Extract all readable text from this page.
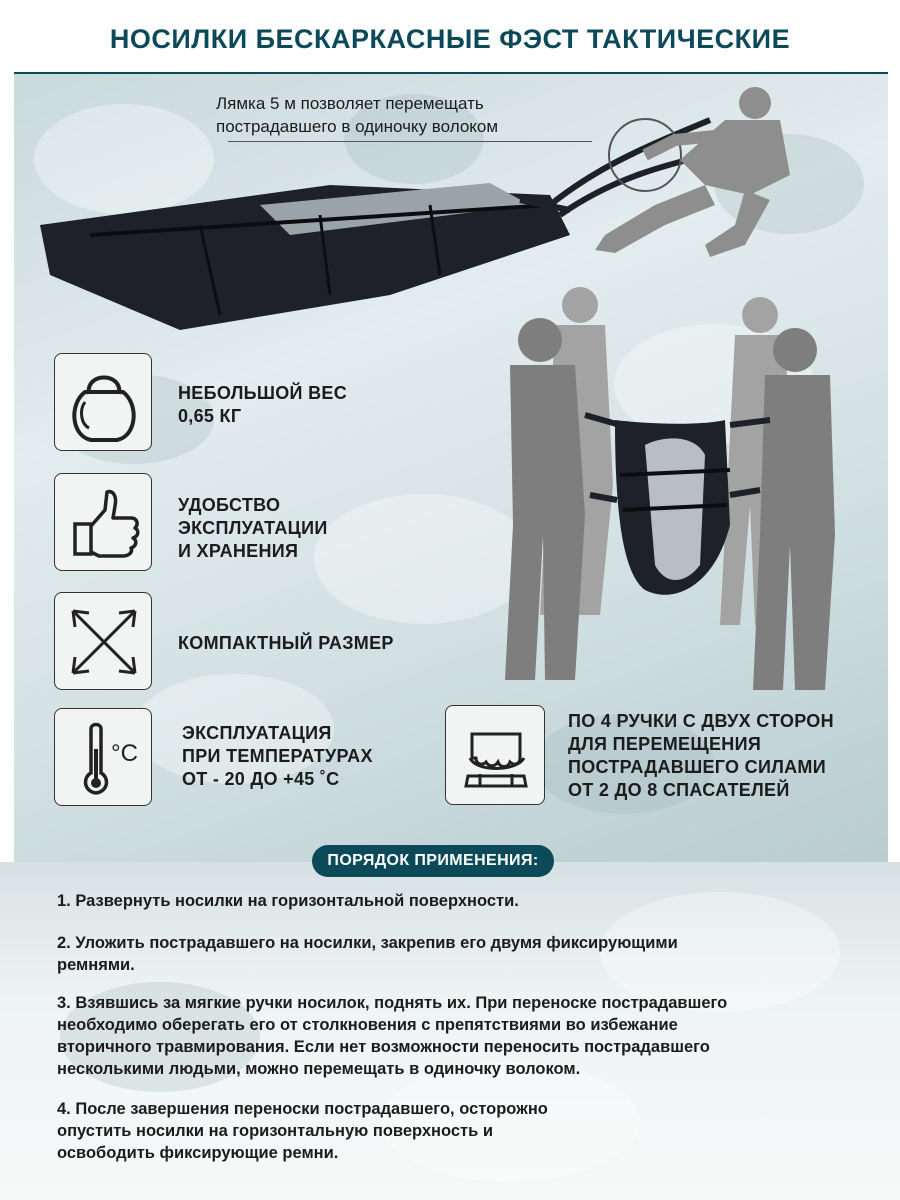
НОСИЛКИ БЕСКАРКАСНЫЕ ФЭСТ ТАКТИЧЕСКИЕ
Лямка 5 м позволяет перемещать
пострадавшего в одиночку волоком
НЕБОЛЬШОЙ ВЕС
0,65 КГ
УДОБСТВО
ЭКСПЛУАТАЦИИ
И ХРАНЕНИЯ
КОМПАКТНЫЙ РАЗМЕР
°C
ЭКСПЛУАТАЦИЯ
ПРИ ТЕМПЕРАТУРАХ
ОТ - 20 ДО +45 ˚С
ПО 4 РУЧКИ С ДВУХ СТОРОН
ДЛЯ ПЕРЕМЕЩЕНИЯ
ПОСТРАДАВШЕГО СИЛАМИ
ОТ 2 ДО 8 СПАСАТЕЛЕЙ
ПОРЯДОК ПРИМЕНЕНИЯ:
1. Развернуть носилки на горизонтальной поверхности.
2. Уложить пострадавшего на носилки, закрепив его двумя фиксирующими
ремнями.
3. Взявшись за мягкие ручки носилок, поднять их. При переноске пострадавшего
необходимо оберегать его от столкновения с препятствиями во избежание
вторичного травмирования. Если нет возможности переносить пострадавшего
несколькими людьми, можно перемещать в одиночку волоком.
4. После завершения переноски пострадавшего, осторожно
опустить носилки на горизонтальную поверхность и
освободить фиксирующие ремни.
